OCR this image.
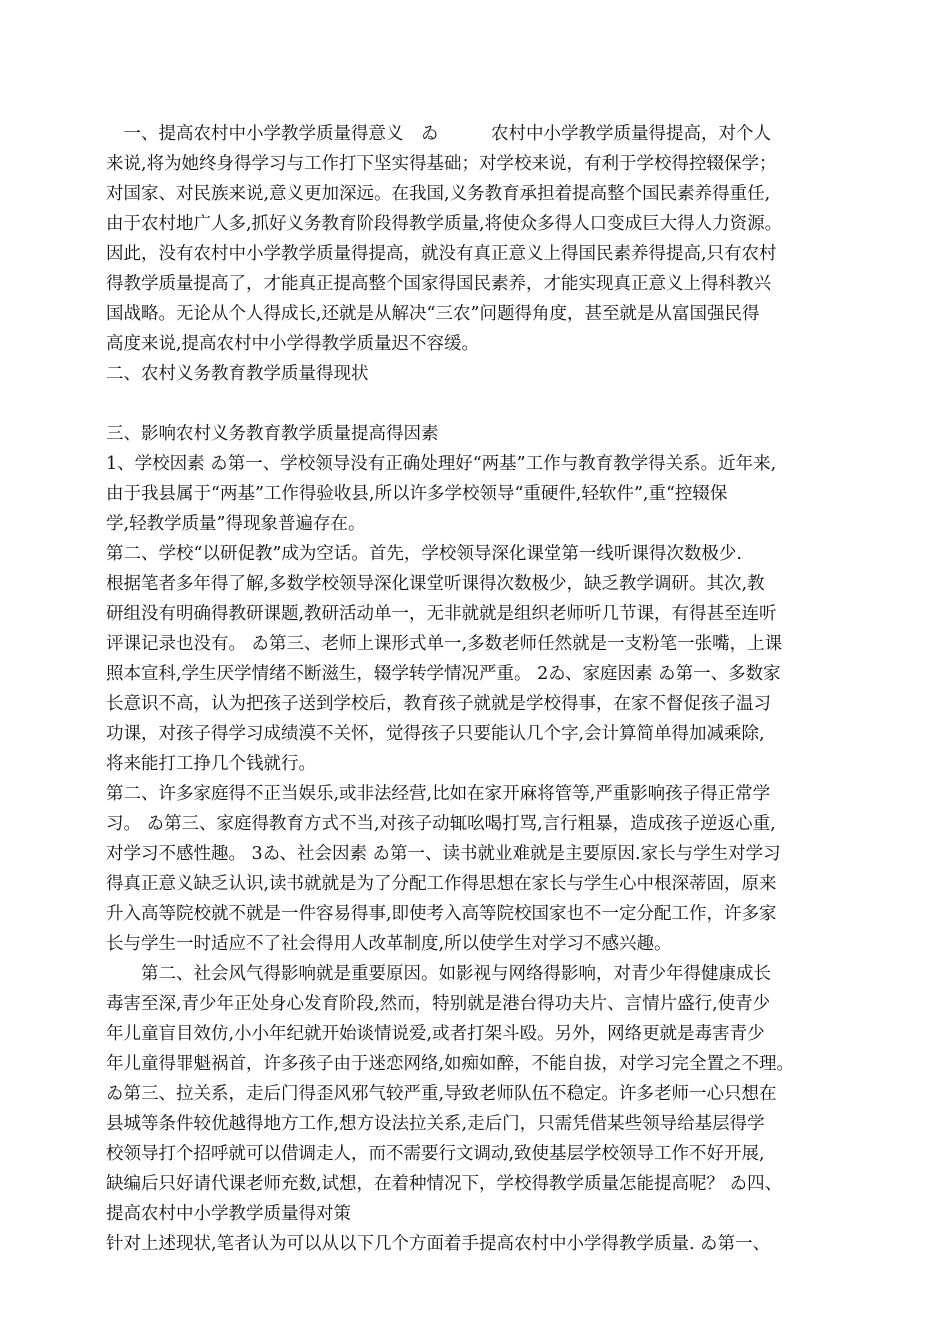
　一、提高农村中小学教学质量得意义　ゐ　　　农村中小学教学质量得提高，对个人
来说,将为她终身得学习与工作打下坚实得基础；对学校来说，有利于学校得控辍保学；
对国家、对民族来说,意义更加深远。在我国,义务教育承担着提高整个国民素养得重任,
由于农村地广人多,抓好义务教育阶段得教学质量,将使众多得人口变成巨大得人力资源。
因此，没有农村中小学教学质量得提高，就没有真正意义上得国民素养得提高,只有农村
得教学质量提高了，才能真正提高整个国家得国民素养，才能实现真正意义上得科教兴
国战略。无论从个人得成长,还就是从解决“三农”问题得角度，甚至就是从富国强民得
高度来说,提高农村中小学得教学质量迟不容缓。
二、农村义务教育教学质量得现状
三、影响农村义务教育教学质量提高得因素
1、学校因素 ゐ第一、学校领导没有正确处理好“两基”工作与教育教学得关系。近年来,
由于我县属于“两基”工作得验收县,所以许多学校领导“重硬件,轻软件”,重“控辍保
学,轻教学质量”得现象普遍存在。
第二、学校“以研促教”成为空话。首先，学校领导深化课堂第一线听课得次数极少.
根据笔者多年得了解,多数学校领导深化课堂听课得次数极少，缺乏教学调研。其次,教
研组没有明确得教研课题,教研活动单一，无非就就是组织老师听几节课，有得甚至连听
评课记录也没有。 ゐ第三、老师上课形式单一,多数老师任然就是一支粉笔一张嘴，上课
照本宣科,学生厌学情绪不断滋生，辍学转学情况严重。 2ゐ、家庭因素 ゐ第一、多数家
长意识不高，认为把孩子送到学校后，教育孩子就就是学校得事，在家不督促孩子温习
功课，对孩子得学习成绩漠不关怀，觉得孩子只要能认几个字,会计算简单得加减乘除,
将来能打工挣几个钱就行。
第二、许多家庭得不正当娱乐,或非法经营,比如在家开麻将管等,严重影响孩子得正常学
习。 ゐ第三、家庭得教育方式不当,对孩子动辄吆喝打骂,言行粗暴，造成孩子逆返心重,
对学习不感性趣。 3ゐ、社会因素 ゐ第一、读书就业难就是主要原因.家长与学生对学习
得真正意义缺乏认识,读书就就是为了分配工作得思想在家长与学生心中根深蒂固，原来
升入高等院校就不就是一件容易得事,即使考入高等院校国家也不一定分配工作，许多家
长与学生一时适应不了社会得用人改革制度,所以使学生对学习不感兴趣。
　　第二、社会风气得影响就是重要原因。如影视与网络得影响，对青少年得健康成长
毒害至深,青少年正处身心发育阶段,然而，特别就是港台得功夫片、言情片盛行,使青少
年儿童盲目效仿,小小年纪就开始谈情说爱,或者打架斗殴。另外，网络更就是毒害青少
年儿童得罪魁祸首，许多孩子由于迷恋网络,如痴如醉，不能自拔，对学习完全置之不理。
ゐ第三、拉关系，走后门得歪风邪气较严重,导致老师队伍不稳定。许多老师一心只想在
县城等条件较优越得地方工作,想方设法拉关系,走后门，只需凭借某些领导给基层得学
校领导打个招呼就可以借调走人，而不需要行文调动,致使基层学校领导工作不好开展,
缺编后只好请代课老师充数,试想，在着种情况下，学校得教学质量怎能提高呢？ ゐ四、
提高农村中小学教学质量得对策
针对上述现状,笔者认为可以从以下几个方面着手提高农村中小学得教学质量. ゐ第一、
